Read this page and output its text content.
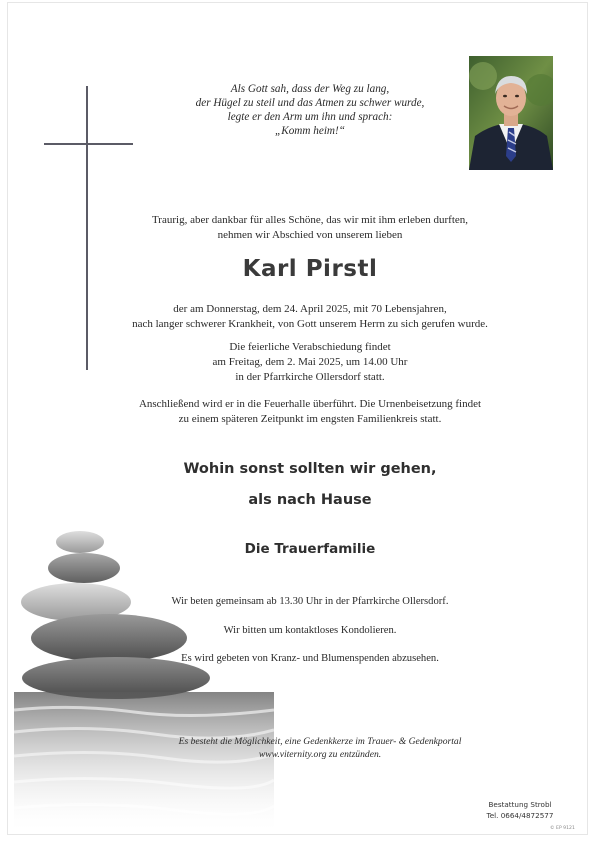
Als Gott sah, dass der Weg zu lang,
der Hügel zu steil und das Atmen zu schwer wurde,
legte er den Arm um ihn und sprach:
„Komm heim!“
Traurig, aber dankbar für alles Schöne, das wir mit ihm erleben durften,
nehmen wir Abschied von unserem lieben
Karl Pirstl
der am Donnerstag, dem 24. April 2025, mit 70 Lebensjahren,
nach langer schwerer Krankheit, von Gott unserem Herrn zu sich gerufen wurde.
Die feierliche Verabschiedung findet
am Freitag, dem 2. Mai 2025, um 14.00 Uhr
in der Pfarrkirche Ollersdorf statt.
Anschließend wird er in die Feuerhalle überführt. Die Urnenbeisetzung findet
zu einem späteren Zeitpunkt im engsten Familienkreis statt.
Wohin sonst sollten wir gehen,
als nach Hause
Die Trauerfamilie
Wir beten gemeinsam ab 13.30 Uhr in der Pfarrkirche Ollersdorf.
Wir bitten um kontaktloses Kondolieren.
Es wird gebeten von Kranz- und Blumenspenden abzusehen.
Es besteht die Möglichkeit, eine Gedenkkerze im Trauer- & Gedenkportal
www.viternity.org zu entzünden.
Bestattung Strobl
Tel. 0664/4872577
© EP 9121
